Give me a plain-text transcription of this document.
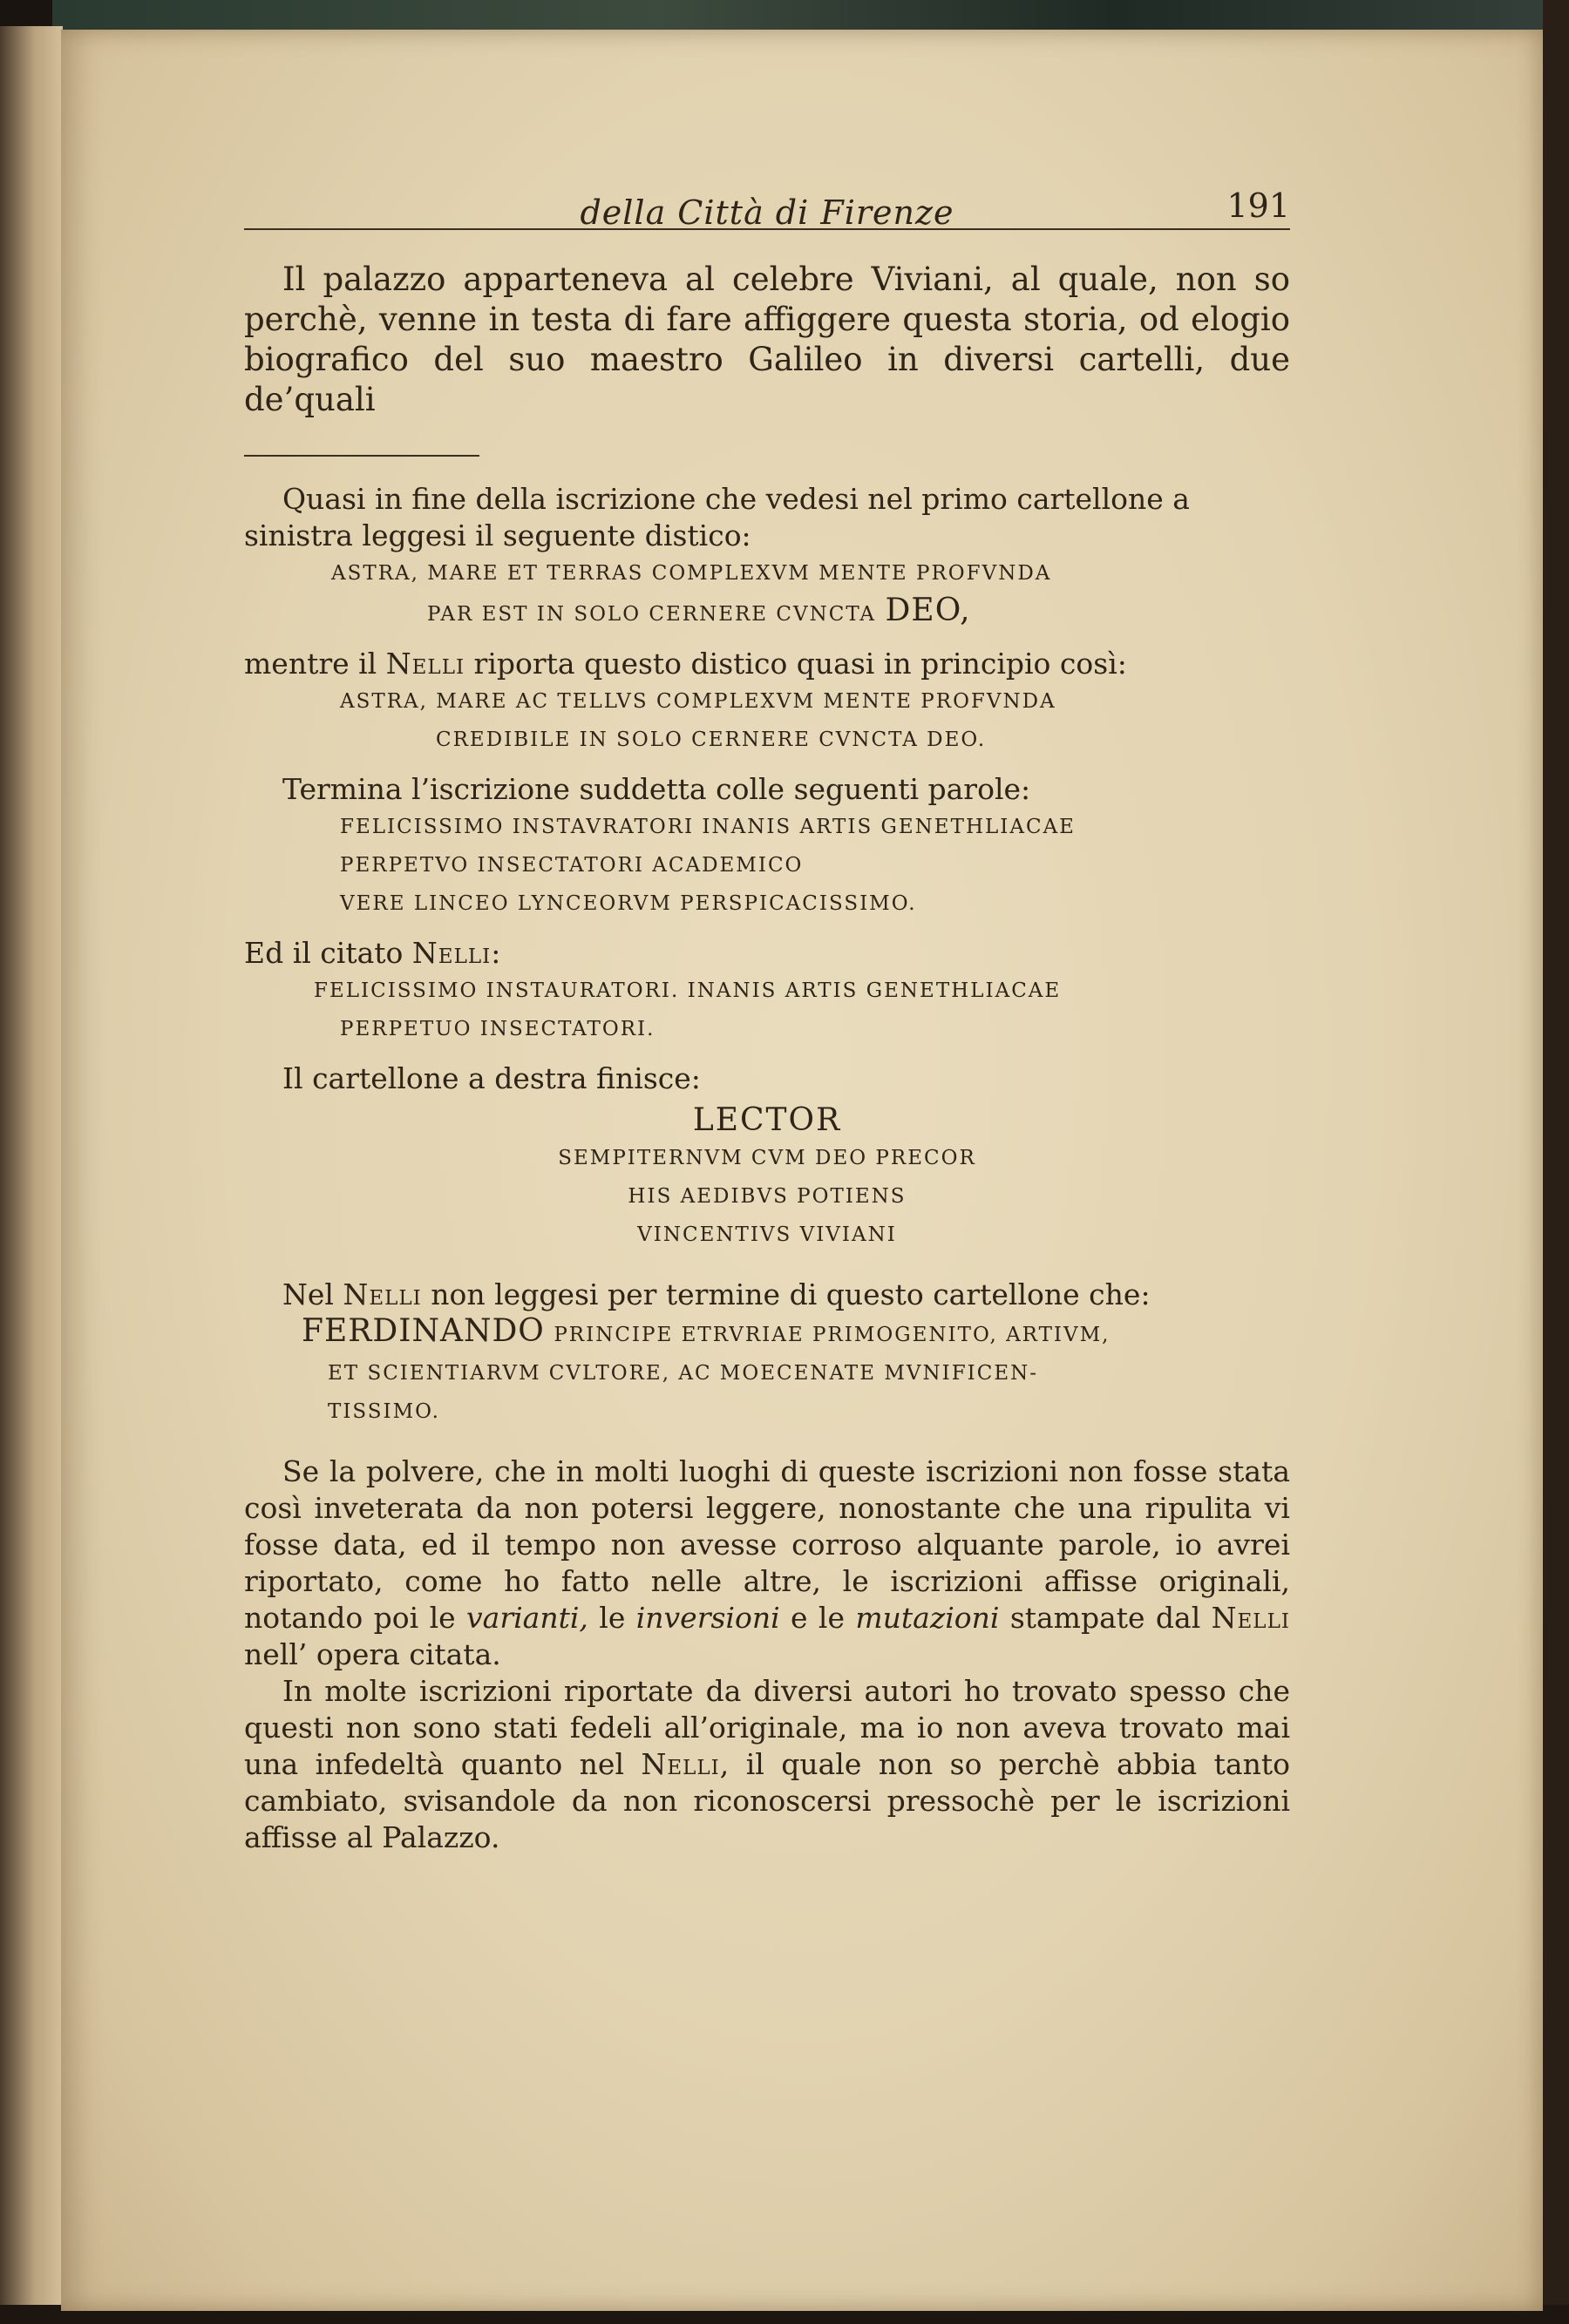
della Città di Firenze	191

Il palazzo apparteneva al celebre Viviani, al quale, non so perchè, venne in testa di fare affiggere questa storia, od elogio biografico del suo maestro Galileo in diversi cartelli, due de’quali

Quasi in fine della iscrizione che vedesi nel primo cartellone a sinistra leggesi il seguente distico:

ASTRA, MARE ET TERRAS COMPLEXVM MENTE PROFVNDA
PAR EST IN SOLO CERNERE CVNCTA DEO,

mentre il Nelli riporta questo distico quasi in principio così:

ASTRA, MARE AC TELLVS COMPLEXVM MENTE PROFVNDA
CREDIBILE IN SOLO CERNERE CVNCTA DEO.

Termina l’iscrizione suddetta colle seguenti parole:

FELICISSIMO INSTAVRATORI INANIS ARTIS GENETHLIACAE
PERPETVO INSECTATORI ACADEMICO
VERE LINCEO LYNCEORVM PERSPICACISSIMO.

Ed il citato Nelli:

FELICISSIMO INSTAURATORI. INANIS ARTIS GENETHLIACAE
PERPETUO INSECTATORI.

Il cartellone a destra finisce:

LECTOR
SEMPITERNVM CVM DEO PRECOR
HIS AEDIBVS POTIENS
VINCENTIVS VIVIANI

Nel Nelli non leggesi per termine di questo cartellone che:

FERDINANDO PRINCIPE ETRVRIAE PRIMOGENITO, ARTIVM,
ET SCIENTIARVM CVLTORE, AC MOECENATE MVNIFICEN-
TISSIMO.

Se la polvere, che in molti luoghi di queste iscrizioni non fosse stata così inveterata da non potersi leggere, nonostante che una ripulita vi fosse data, ed il tempo non avesse corroso alquante parole, io avrei riportato, come ho fatto nelle altre, le iscrizioni affisse originali, notando poi le varianti, le inversioni e le mutazioni stampate dal Nelli nell’ opera citata.

In molte iscrizioni riportate da diversi autori ho trovato spesso che questi non sono stati fedeli all’originale, ma io non aveva trovato mai una infedeltà quanto nel Nelli, il quale non so perchè abbia tanto cambiato, svisandole da non riconoscersi pressochè per le iscrizioni affisse al Palazzo.
